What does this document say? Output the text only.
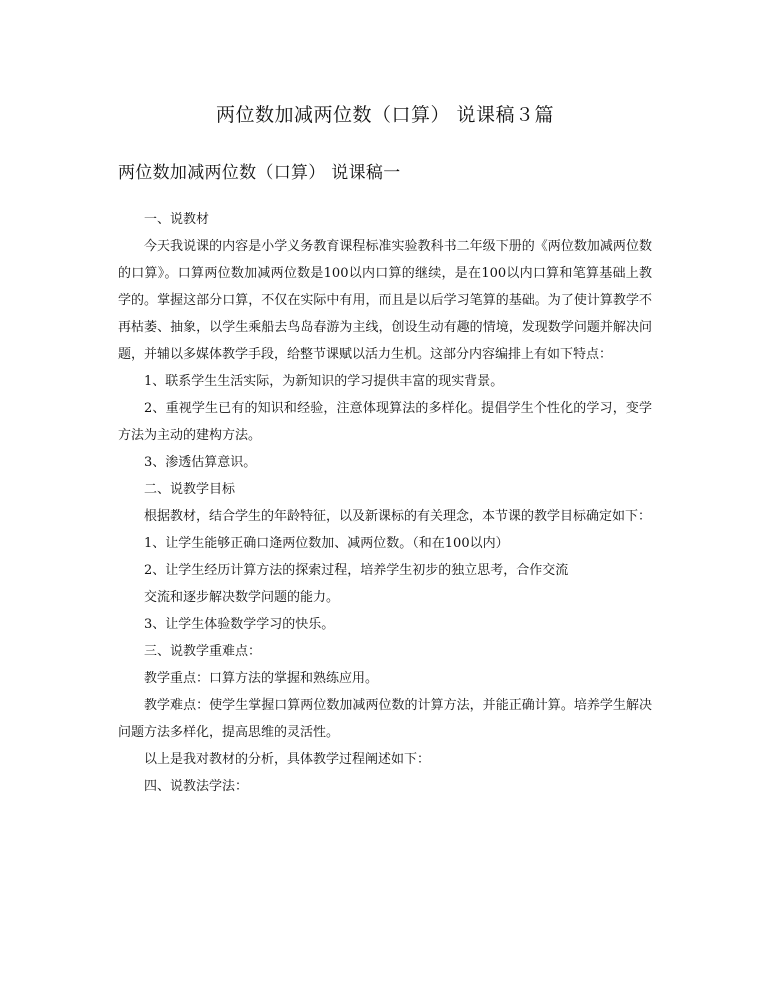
两位数加减两位数（口算） 说课稿３篇
两位数加减两位数（口算） 说课稿一

一、说教材

今天我说课的内容是小学义务教育课程标准实验教科书二年级下册的《两位数加减两位数的口算》。口算两位数加减两位数是100以内口算的继续，是在100以内口算和笔算基础上教学的。掌握这部分口算，不仅在实际中有用，而且是以后学习笔算的基础。为了使计算教学不再枯萎、抽象，以学生乘船去鸟岛春游为主线，创设生动有趣的情境，发现数学问题并解决问题，并辅以多媒体教学手段，给整节课赋以活力生机。这部分内容编排上有如下特点：

1、联系学生生活实际，为新知识的学习提供丰富的现实背景。

2、重视学生已有的知识和经验，注意体现算法的多样化。提倡学生个性化的学习，变学方法为主动的建构方法。

3、渗透估算意识。

二、说教学目标

根据教材，结合学生的年龄特征，以及新课标的有关理念，本节课的教学目标确定如下：

1、让学生能够正确口逄两位数加、减两位数。（和在100以内）

2、让学生经历计算方法的探索过程，培养学生初步的独立思考，合作交流

交流和逐步解决数学问题的能力。

3、让学生体验数学学习的快乐。

三、说教学重难点：

教学重点：口算方法的掌握和熟练应用。

教学难点：使学生掌握口算两位数加减两位数的计算方法，并能正确计算。培养学生解决问题方法多样化，提高思维的灵活性。

以上是我对教材的分析，具体教学过程阐述如下：

四、说教法学法：
